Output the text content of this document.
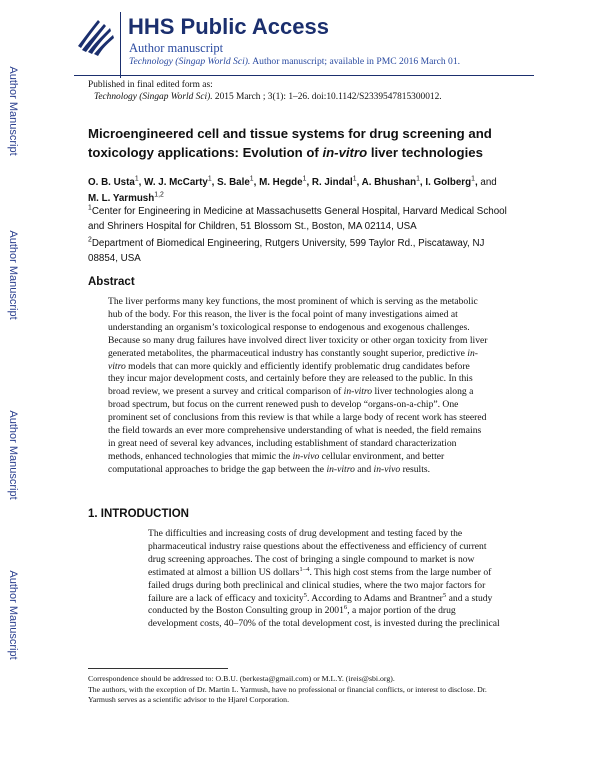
HHS Public Access
Author manuscript
Technology (Singap World Sci). Author manuscript; available in PMC 2016 March 01.
Published in final edited form as:
Technology (Singap World Sci). 2015 March ; 3(1): 1–26. doi:10.1142/S2339547815300012.
Author Manuscript
Author Manuscript
Author Manuscript
Author Manuscript
Microengineered cell and tissue systems for drug screening and
toxicology applications: Evolution of in-vitro liver technologies
O. B. Usta$^1$, W. J. McCarty$^1$, S. Bale$^1$, M. Hegde$^1$, R. Jindal$^1$, A. Bhushan$^1$, I. Golberg$^1$, and
M. L. Yarmush$^{1,2}$
$^1$Center for Engineering in Medicine at Massachusetts General Hospital, Harvard Medical School
and Shriners Hospital for Children, 51 Blossom St., Boston, MA 02114, USA
$^2$Department of Biomedical Engineering, Rutgers University, 599 Taylor Rd., Piscataway, NJ
08854, USA
Abstract
The liver performs many key functions, the most prominent of which is serving as the metabolic
hub of the body. For this reason, the liver is the focal point of many investigations aimed at
understanding an organism’s toxicological response to endogenous and exogenous challenges.
Because so many drug failures have involved direct liver toxicity or other organ toxicity from liver
generated metabolites, the pharmaceutical industry has constantly sought superior, predictive in-
vitro models that can more quickly and efficiently identify problematic drug candidates before
they incur major development costs, and certainly before they are released to the public. In this
broad review, we present a survey and critical comparison of in-vitro liver technologies along a
broad spectrum, but focus on the current renewed push to develop “organs-on-a-chip”. One
prominent set of conclusions from this review is that while a large body of recent work has steered
the field towards an ever more comprehensive understanding of what is needed, the field remains
in great need of several key advances, including establishment of standard characterization
methods, enhanced technologies that mimic the in-vivo cellular environment, and better
computational approaches to bridge the gap between the in-vitro and in-vivo results.
1. INTRODUCTION
The difficulties and increasing costs of drug development and testing faced by the
pharmaceutical industry raise questions about the effectiveness and efficiency of current
drug screening approaches. The cost of bringing a single compound to market is now
estimated at almost a billion US dollars$^{1-4}$. This high cost stems from the large number of
failed drugs during both preclinical and clinical studies, where the two major factors for
failure are a lack of efficacy and toxicity$^5$. According to Adams and Brantner$^5$ and a study
conducted by the Boston Consulting group in 2001$^6$, a major portion of the drug
development costs, 40–70% of the total development cost, is invested during the preclinical
Correspondence should be addressed to: O.B.U. (berkesta@gmail.com) or M.L.Y. (ireis@sbi.org).
The authors, with the exception of Dr. Martin L. Yarmush, have no professional or financial conflicts, or interest to disclose. Dr.
Yarmush serves as a scientific advisor to the Hjarel Corporation.
